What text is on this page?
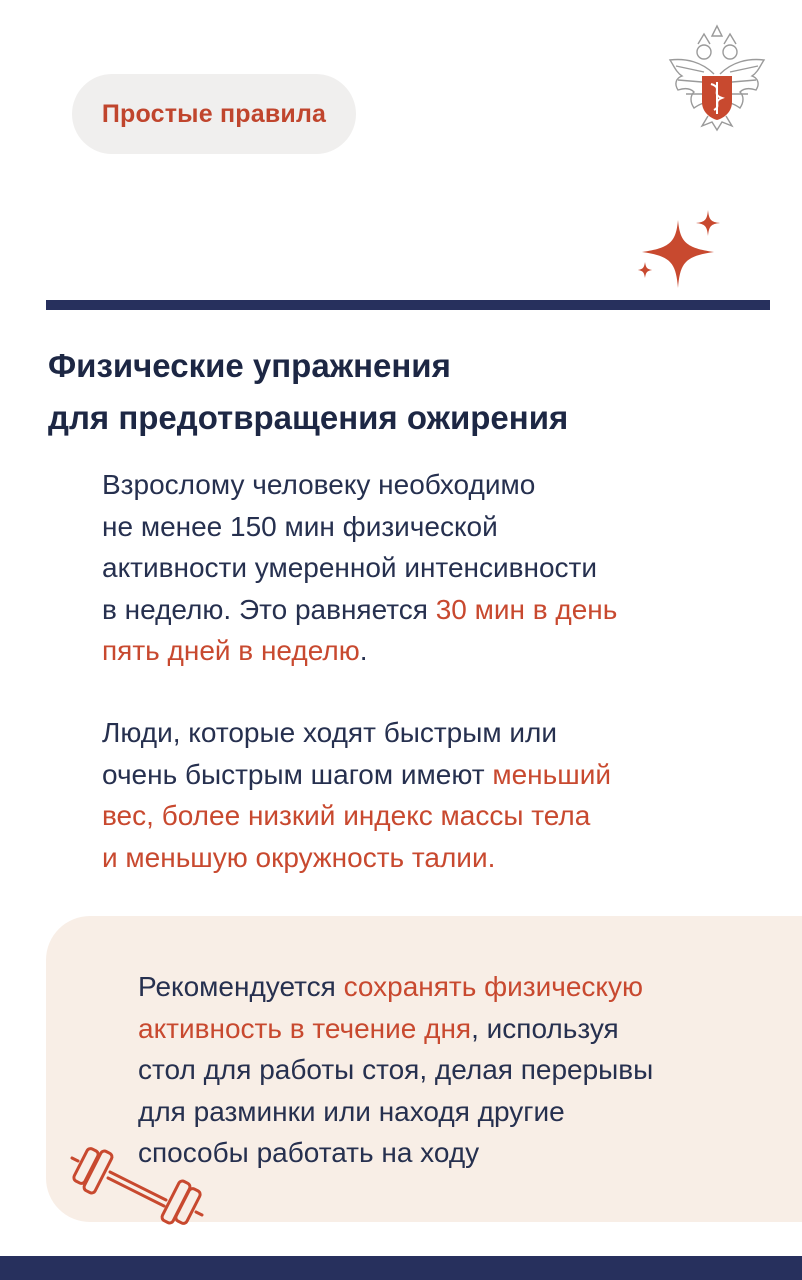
Простые правила
Физические упражнения
для предотвращения ожирения
Взрослому человеку необходимо
не менее 150 мин физической
активности умеренной интенсивности
в неделю. Это равняется 30 мин в день
пять дней в неделю.
Люди, которые ходят быстрым или
очень быстрым шагом имеют меньший
вес, более низкий индекс массы тела
и меньшую окружность талии.
Рекомендуется сохранять физическую
активность в течение дня, используя
стол для работы стоя, делая перерывы
для разминки или находя другие
способы работать на ходу
